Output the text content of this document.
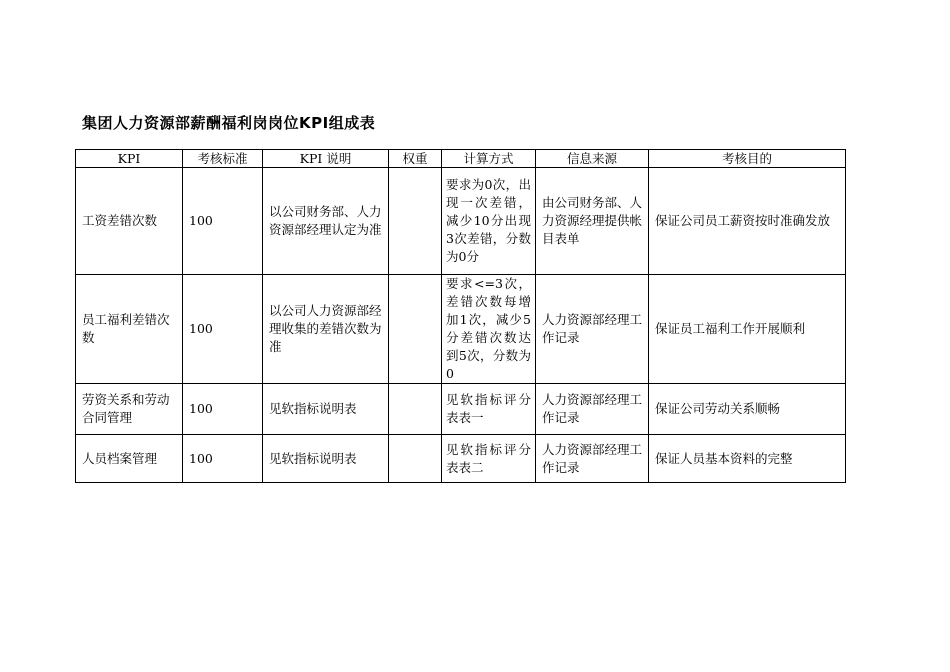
集团人力资源部薪酬福利岗岗位KPI组成表
KPI	考核标准	KPI 说明	权重	计算方式	信息来源	考核目的
工资差错次数	100	以公司财务部、人力资源部经理认定为准		要求为0次，出现一次差错，减少10分出现3次差错，分数为0分	由公司财务部、人力资源经理提供帐目表单	保证公司员工薪资按时准确发放
员工福利差错次数	100	以公司人力资源部经理收集的差错次数为准		要求<=3次，差错次数每增加1次，减少5分差错次数达到5次，分数为0	人力资源部经理工作记录	保证员工福利工作开展顺利
劳资关系和劳动合同管理	100	见软指标说明表		见软指标评分表表一	人力资源部经理工作记录	保证公司劳动关系顺畅
人员档案管理	100	见软指标说明表		见软指标评分表表二	人力资源部经理工作记录	保证人员基本资料的完整
